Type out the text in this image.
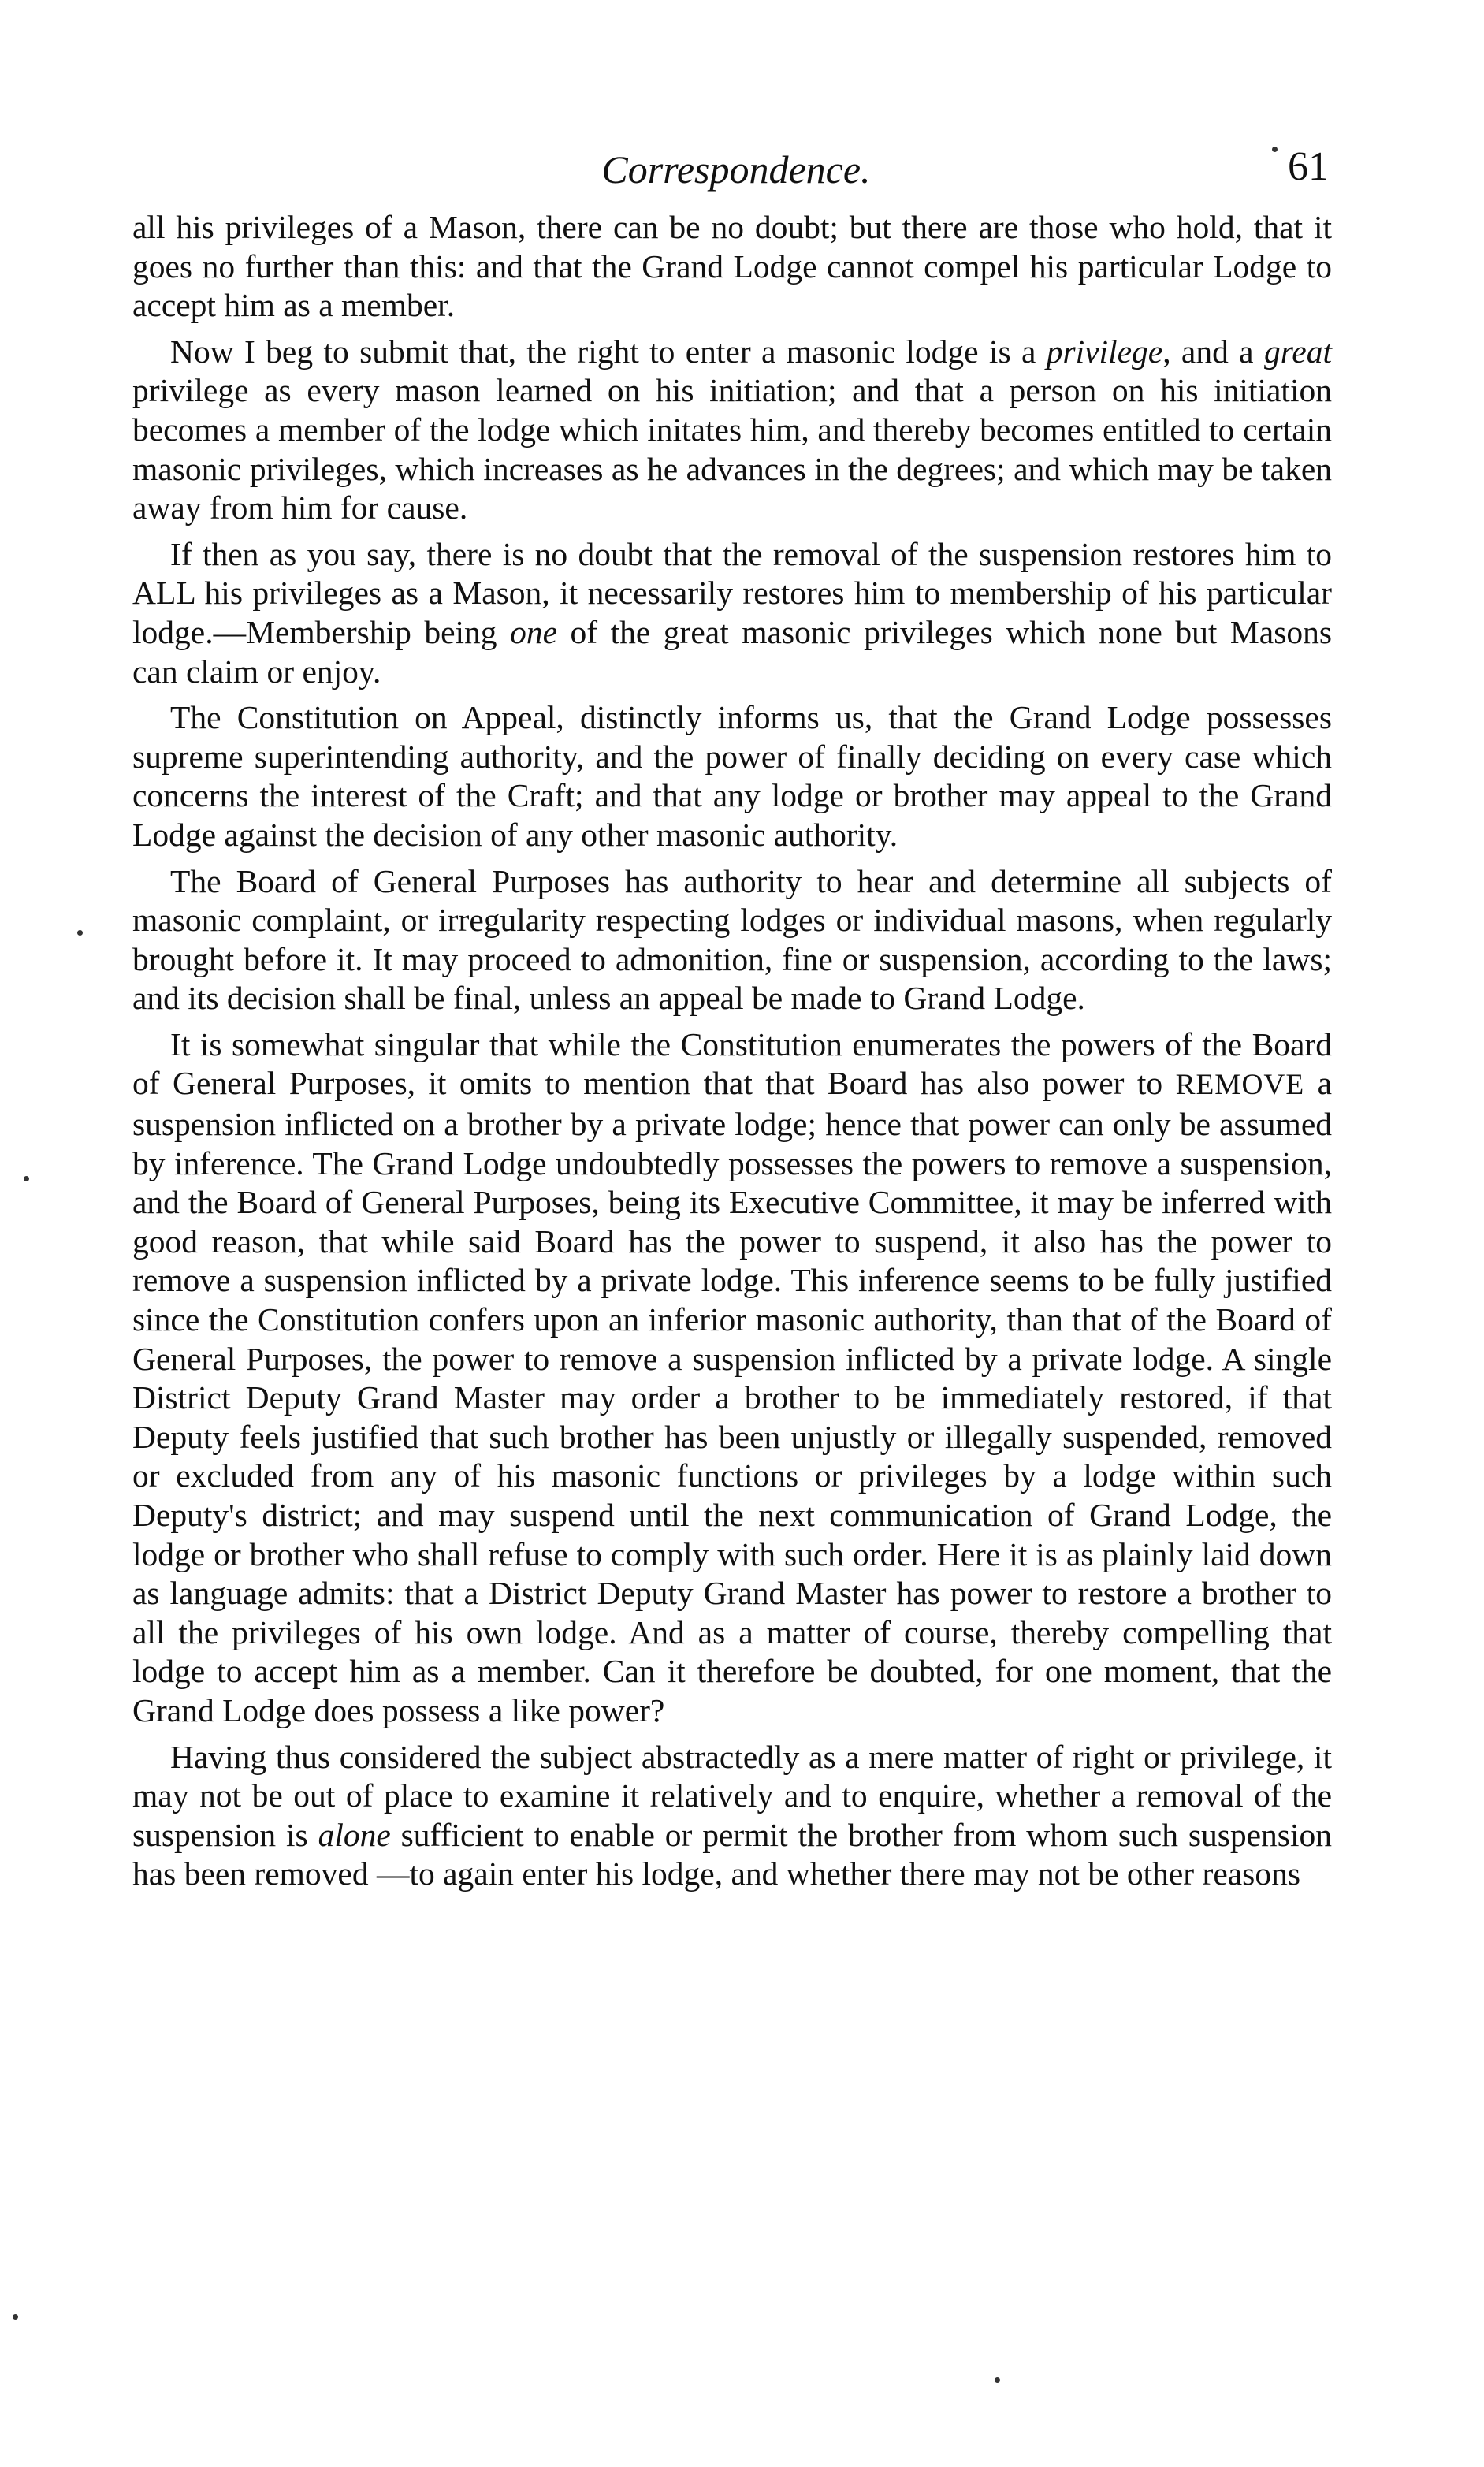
Correspondence.	61

all his privileges of a Mason, there can be no doubt; but there are those who hold, that it goes no further than this: and that the Grand Lodge cannot compel his particular Lodge to accept him as a member.

Now I beg to submit that, the right to enter a masonic lodge is a privilege, and a great privilege as every mason learned on his initiation; and that a person on his initiation becomes a member of the lodge which initates him, and thereby becomes entitled to certain masonic privileges, which increases as he advances in the degrees; and which may be taken away from him for cause.

If then as you say, there is no doubt that the removal of the suspension restores him to ALL his privileges as a Mason, it necessarily restores him to membership of his particular lodge.—Membership being one of the great masonic privileges which none but Masons can claim or enjoy.

The Constitution on Appeal, distinctly informs us, that the Grand Lodge possesses supreme superintending authority, and the power of finally deciding on every case which concerns the interest of the Craft; and that any lodge or brother may appeal to the Grand Lodge against the decision of any other masonic authority.

The Board of General Purposes has authority to hear and determine all subjects of masonic complaint, or irregularity respecting lodges or individual masons, when regularly brought before it. It may proceed to admonition, fine or suspension, according to the laws; and its decision shall be final, unless an appeal be made to Grand Lodge.

It is somewhat singular that while the Constitution enumerates the powers of the Board of General Purposes, it omits to mention that that Board has also power to REMOVE a suspension inflicted on a brother by a private lodge; hence that power can only be assumed by inference. The Grand Lodge undoubtedly possesses the powers to remove a suspension, and the Board of General Purposes, being its Executive Committee, it may be inferred with good reason, that while said Board has the power to suspend, it also has the power to remove a suspension inflicted by a private lodge. This inference seems to be fully justified since the Constitution confers upon an inferior masonic authority, than that of the Board of General Purposes, the power to remove a suspension inflicted by a private lodge. A single District Deputy Grand Master may order a brother to be immediately restored, if that Deputy feels justified that such brother has been unjustly or illegally suspended, removed or excluded from any of his masonic functions or privileges by a lodge within such Deputy's district; and may suspend until the next communication of Grand Lodge, the lodge or brother who shall refuse to comply with such order. Here it is as plainly laid down as language admits: that a District Deputy Grand Master has power to restore a brother to all the privileges of his own lodge. And as a matter of course, thereby compelling that lodge to accept him as a member. Can it therefore be doubted, for one moment, that the Grand Lodge does possess a like power?

Having thus considered the subject abstractedly as a mere matter of right or privilege, it may not be out of place to examine it relatively and to enquire, whether a removal of the suspension is alone sufficient to enable or permit the brother from whom such suspension has been removed —to again enter his lodge, and whether there may not be other reasons
